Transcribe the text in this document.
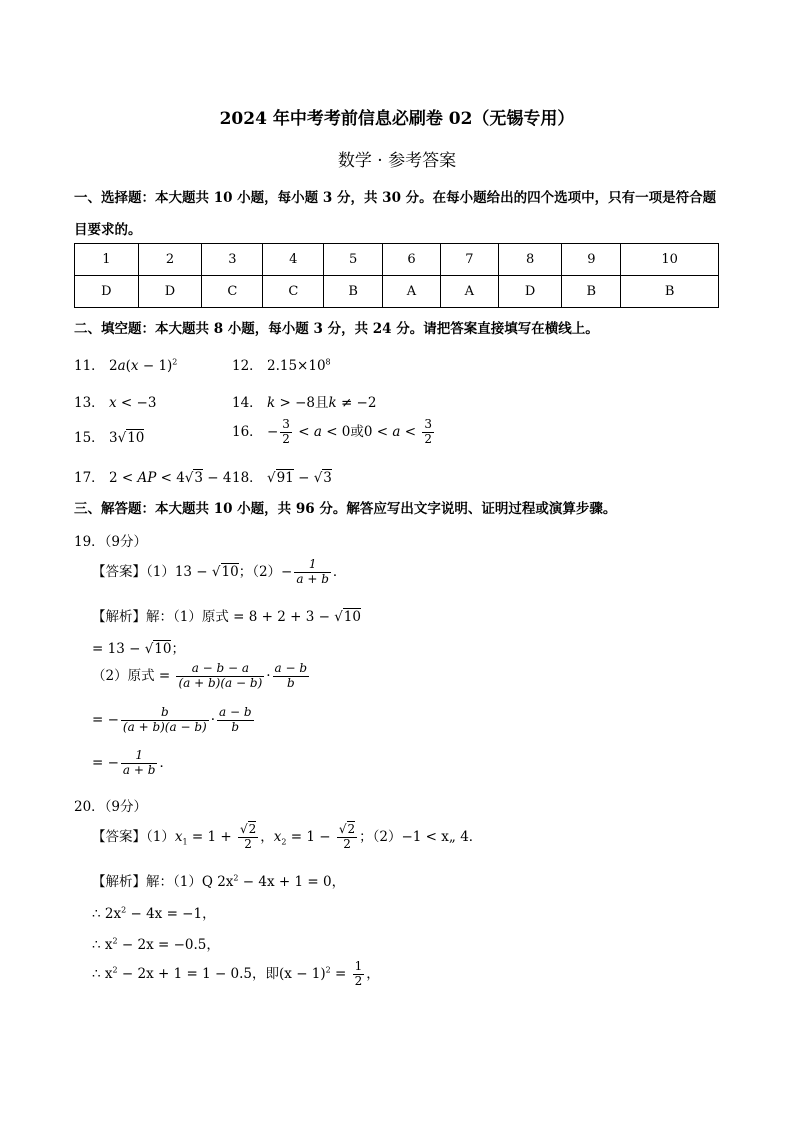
2024 年中考考前信息必刷卷 02（无锡专用）
数学 · 参考答案
一、选择题：本大题共 10 小题，每小题 3 分，共 30 分。在每小题给出的四个选项中，只有一项是符合题
目要求的。
1	2	3	4	5	6	7	8	9	10
D	D	C	C	B	A	A	D	B	B
二、填空题：本大题共 8 小题，每小题 3 分，共 24 分。请把答案直接填写在横线上。
11． $2a(x - 1)^2$	12． $2.15\times 10^8$
13． x < −3	14． k > −8且k ≠ −2
15． 3√10	16． − $\frac{3}{2} < a < 0$或$0 < a < \frac{3}{2}$
17． 2 < AP < 4√3 − 4 18． √91 − √3
三、解答题：本大题共 10 小题，共 96 分。解答应写出文字说明、证明过程或演算步骤。
19．（9分）
【答案】（1）13 − √10；$(2)- \frac{1}{a + b}$ ．
【解析】解：（1）原式 = 8 + 2 + 3 − √10
= 13 − √10；
（2）原式 = $\frac{a - b - a}{(a + b)(a - b)} \cdot \frac{a - b}{b}$
= − $\frac{b}{(a + b)(a - b)} \cdot \frac{a - b}{b}$
= − $\frac{1}{a + b}$ ．
20．（9分）
【答案】$(1)x_1 = 1 + \frac{√2}{2}$ ，$x_2 = 1 - \frac{√2}{2}$ ；（2）−1 < x„ 4．
【解析】解：（1）Q $2x^2 - 4x + 1 = 0$，
∴ $2x^2 - 4x = -1$，
∴ $x^2 - 2x = -0.5$，
∴ $x^2 - 2x + 1 = 1 - 0.5$，即$(x - 1)^2 = \frac{1}{2}$ ，
